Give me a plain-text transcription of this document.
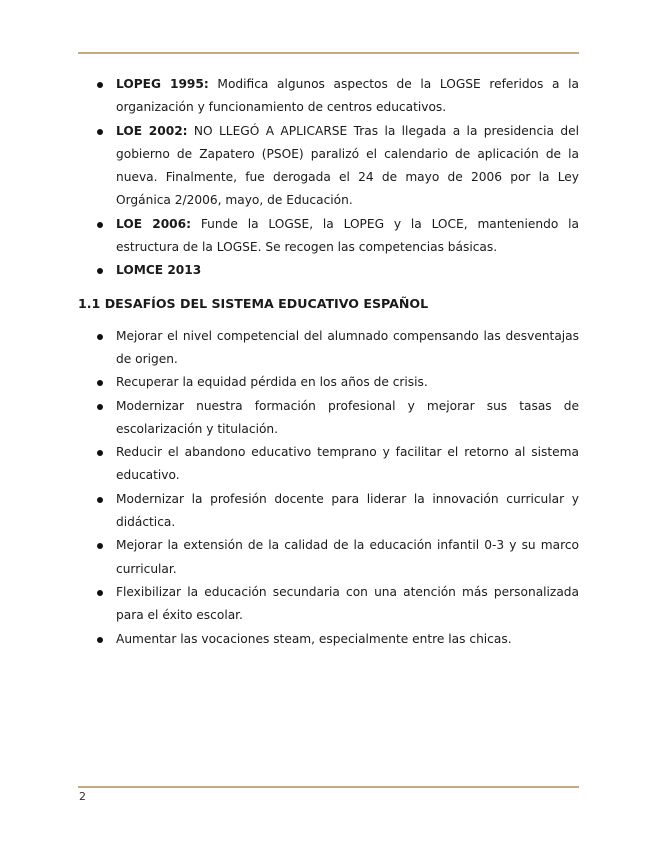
LOPEG 1995: Modifica algunos aspectos de la LOGSE referidos a la organización y funcionamiento de centros educativos.
LOE 2002: NO LLEGÓ A APLICARSE Tras la llegada a la presidencia del gobierno de Zapatero (PSOE) paralizó el calendario de aplicación de la nueva. Finalmente, fue derogada el 24 de mayo de 2006 por la Ley Orgánica 2/2006, mayo, de Educación.
LOE 2006: Funde la LOGSE, la LOPEG y la LOCE, manteniendo la estructura de la LOGSE. Se recogen las competencias básicas.
LOMCE 2013
1.1 DESAFÍOS DEL SISTEMA EDUCATIVO ESPAÑOL
Mejorar el nivel competencial del alumnado compensando las desventajas de origen.
Recuperar la equidad pérdida en los años de crisis.
Modernizar nuestra formación profesional y mejorar sus tasas de escolarización y titulación.
Reducir el abandono educativo temprano y facilitar el retorno al sistema educativo.
Modernizar la profesión docente para liderar la innovación curricular y didáctica.
Mejorar la extensión de la calidad de la educación infantil 0-3 y su marco curricular.
Flexibilizar la educación secundaria con una atención más personalizada para el éxito escolar.
Aumentar las vocaciones steam, especialmente entre las chicas.
2
